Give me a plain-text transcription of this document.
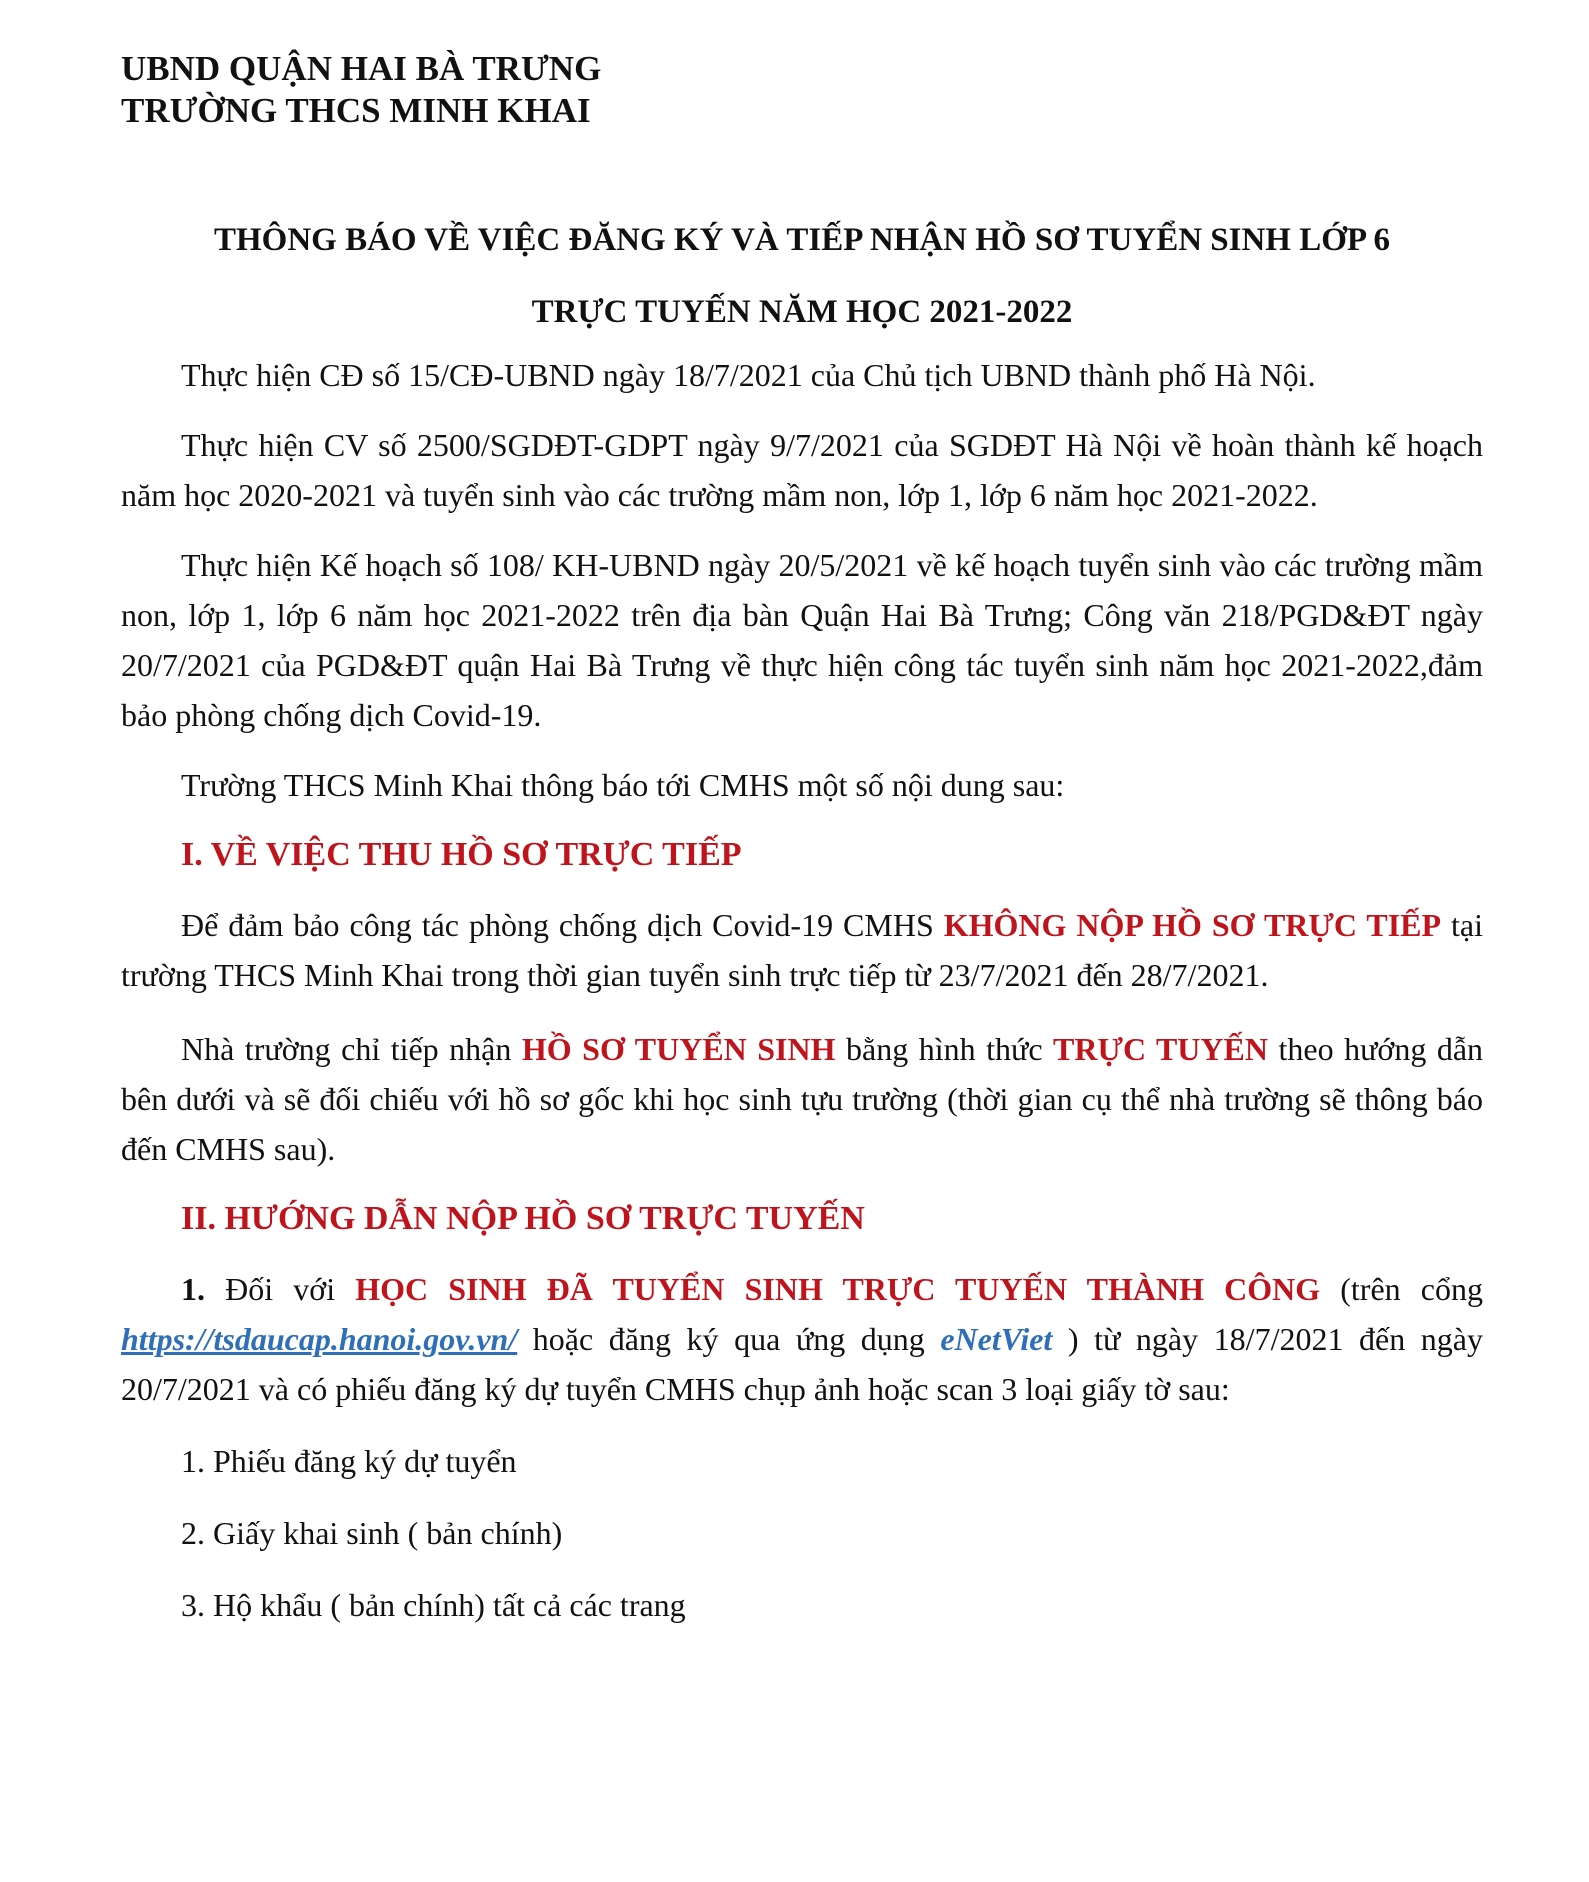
UBND QUẬN HAI BÀ TRƯNG
TRƯỜNG THCS MINH KHAI
THÔNG BÁO VỀ VIỆC ĐĂNG KÝ VÀ TIẾP NHẬN HỒ SƠ TUYỂN SINH LỚP 6
TRỰC TUYẾN NĂM HỌC 2021-2022

Thực hiện CĐ số 15/CĐ-UBND ngày 18/7/2021 của Chủ tịch UBND thành phố Hà Nội.

Thực hiện CV số 2500/SGDĐT-GDPT ngày 9/7/2021 của SGDĐT Hà Nội về hoàn thành kế hoạch năm học 2020-2021 và tuyển sinh vào các trường mầm non, lớp 1, lớp 6 năm học 2021-2022.

Thực hiện Kế hoạch số 108/ KH-UBND ngày 20/5/2021 về kế hoạch tuyển sinh vào các trường mầm non, lớp 1, lớp 6 năm học 2021-2022 trên địa bàn Quận Hai Bà Trưng; Công văn 218/PGD&ĐT ngày 20/7/2021 của PGD&ĐT quận Hai Bà Trưng về thực hiện công tác tuyển sinh năm học 2021-2022,đảm bảo phòng chống dịch Covid-19.

Trường THCS Minh Khai thông báo tới CMHS một số nội dung sau:

I. VỀ VIỆC THU HỒ SƠ TRỰC TIẾP

Để đảm bảo công tác phòng chống dịch Covid-19 CMHS KHÔNG NỘP HỒ SƠ TRỰC TIẾP tại trường THCS Minh Khai trong thời gian tuyển sinh trực tiếp từ 23/7/2021 đến 28/7/2021.

Nhà trường chỉ tiếp nhận HỒ SƠ TUYỂN SINH bằng hình thức TRỰC TUYẾN theo hướng dẫn bên dưới và sẽ đối chiếu với hồ sơ gốc khi học sinh tựu trường (thời gian cụ thể nhà trường sẽ thông báo đến CMHS sau).

II. HƯỚNG DẪN NỘP HỒ SƠ TRỰC TUYẾN

1. Đối với HỌC SINH ĐÃ TUYỂN SINH TRỰC TUYẾN THÀNH CÔNG (trên cổng https://tsdaucap.hanoi.gov.vn/ hoặc đăng ký qua ứng dụng eNetViet ) từ ngày 18/7/2021 đến ngày 20/7/2021 và có phiếu đăng ký dự tuyển CMHS chụp ảnh hoặc scan 3 loại giấy tờ sau:

1. Phiếu đăng ký dự tuyển
2. Giấy khai sinh ( bản chính)
3. Hộ khẩu ( bản chính) tất cả các trang
